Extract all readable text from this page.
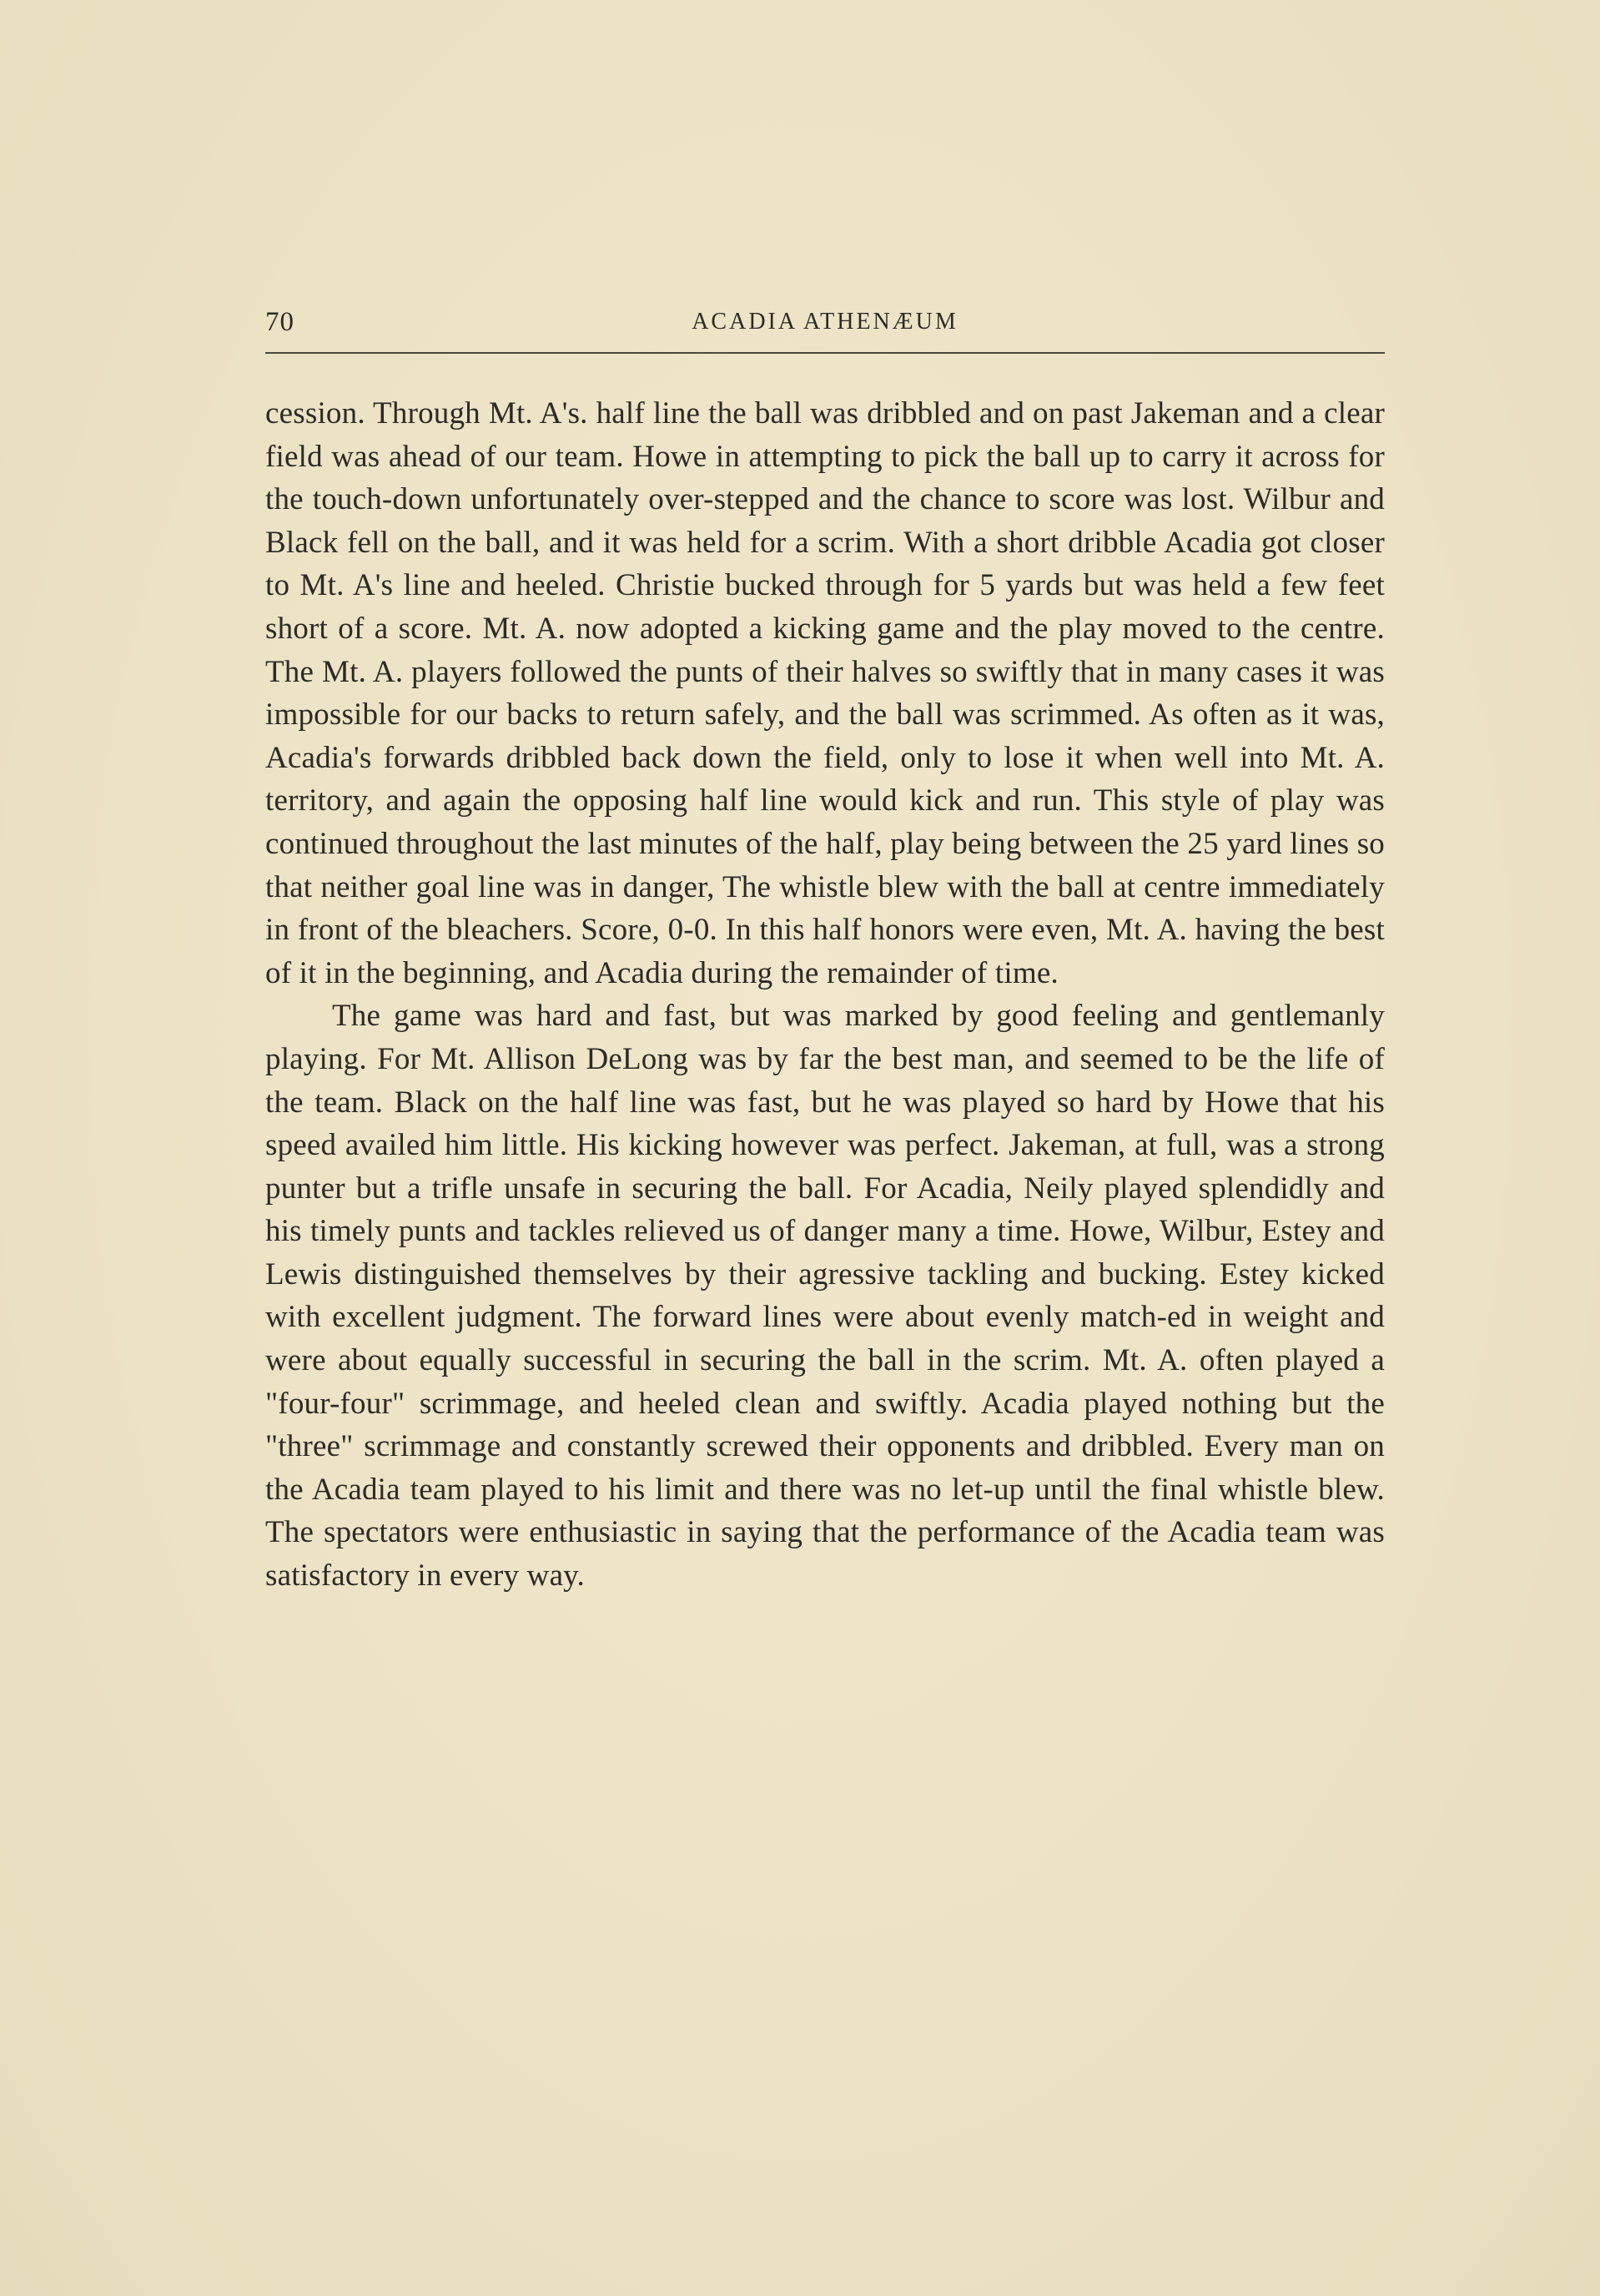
70	ACADIA ATHENÆUM

cession. Through Mt. A's. half line the ball was dribbled and on past Jakeman and a clear field was ahead of our team. Howe in attempting to pick the ball up to carry it across for the touch-down unfortunately over-stepped and the chance to score was lost. Wilbur and Black fell on the ball, and it was held for a scrim. With a short dribble Acadia got closer to Mt. A's line and heeled. Christie bucked through for 5 yards but was held a few feet short of a score. Mt. A. now adopted a kicking game and the play moved to the centre. The Mt. A. players followed the punts of their halves so swiftly that in many cases it was impossible for our backs to return safely, and the ball was scrimmed. As often as it was, Acadia's forwards dribbled back down the field, only to lose it when well into Mt. A. territory, and again the opposing half line would kick and run. This style of play was continued throughout the last minutes of the half, play being between the 25 yard lines so that neither goal line was in danger, The whistle blew with the ball at centre immediately in front of the bleachers. Score, 0-0. In this half honors were even, Mt. A. having the best of it in the beginning, and Acadia during the remainder of time.

The game was hard and fast, but was marked by good feeling and gentlemanly playing. For Mt. Allison DeLong was by far the best man, and seemed to be the life of the team. Black on the half line was fast, but he was played so hard by Howe that his speed availed him little. His kicking however was perfect. Jakeman, at full, was a strong punter but a trifle unsafe in securing the ball. For Acadia, Neily played splendidly and his timely punts and tackles relieved us of danger many a time. Howe, Wilbur, Estey and Lewis distinguished themselves by their agressive tackling and bucking. Estey kicked with excellent judgment. The forward lines were about evenly match-ed in weight and were about equally successful in securing the ball in the scrim. Mt. A. often played a "four-four" scrimmage, and heeled clean and swiftly. Acadia played nothing but the "three" scrimmage and constantly screwed their opponents and dribbled. Every man on the Acadia team played to his limit and there was no let-up until the final whistle blew. The spectators were enthusiastic in saying that the performance of the Acadia team was satisfactory in every way.
